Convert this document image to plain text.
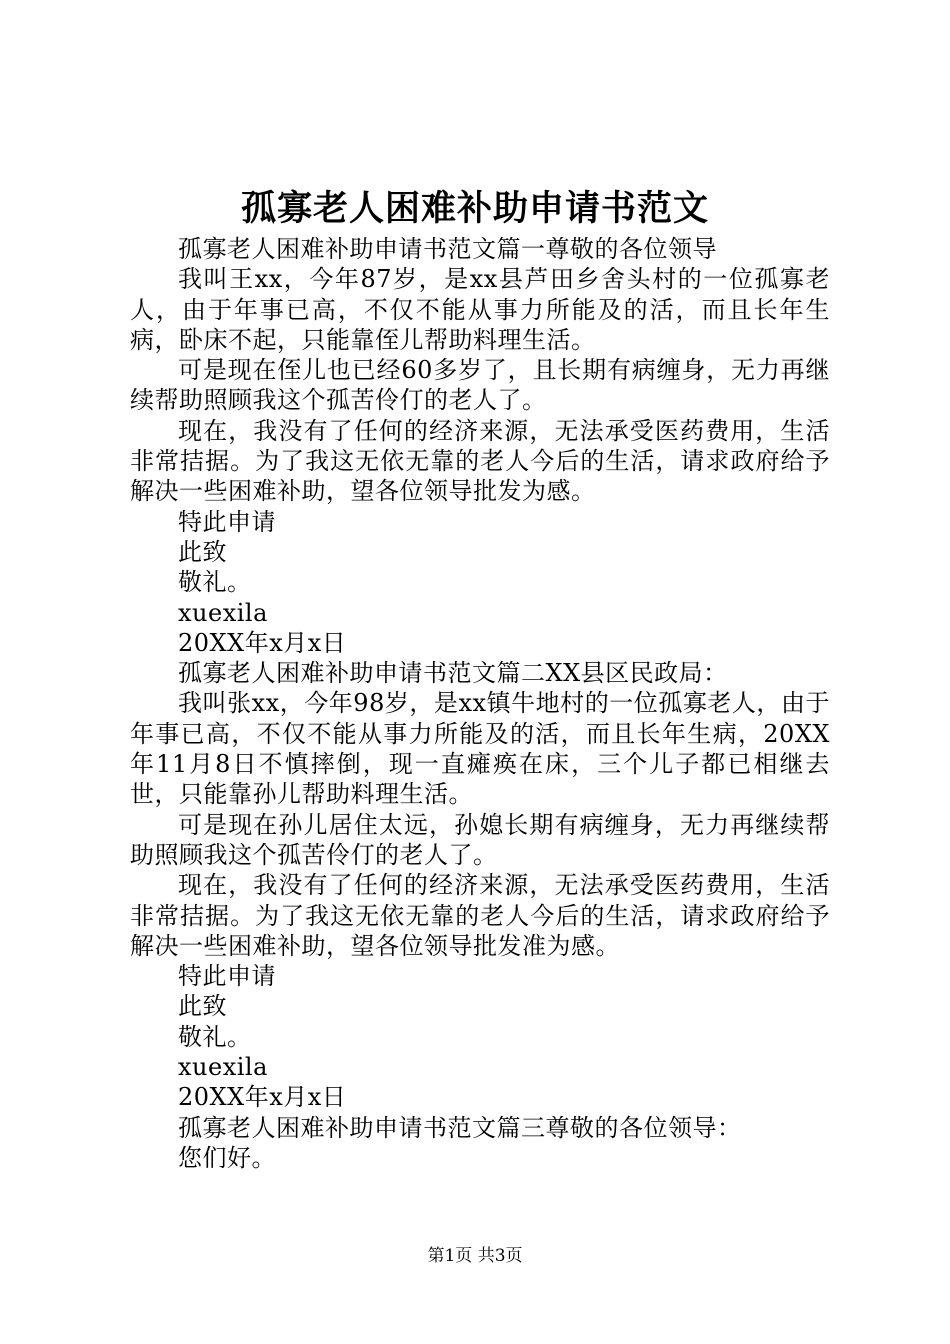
孤寡老人困难补助申请书范文

孤寡老人困难补助申请书范文篇一尊敬的各位领导

我叫王xx，今年87岁，是xx县芦田乡舍头村的一位孤寡老人，由于年事已高，不仅不能从事力所能及的活，而且长年生病，卧床不起，只能靠侄儿帮助料理生活。

可是现在侄儿也已经60多岁了，且长期有病缠身，无力再继续帮助照顾我这个孤苦伶仃的老人了。

现在，我没有了任何的经济来源，无法承受医药费用，生活非常拮据。为了我这无依无靠的老人今后的生活，请求政府给予解决一些困难补助，望各位领导批发为感。

特此申请

此致

敬礼。

xuexila

20XX年x月x日

孤寡老人困难补助申请书范文篇二XX县区民政局：

我叫张xx，今年98岁，是xx镇牛地村的一位孤寡老人，由于年事已高，不仅不能从事力所能及的活，而且长年生病，20XX年11月8日不慎摔倒，现一直瘫痪在床，三个儿子都已相继去世，只能靠孙儿帮助料理生活。

可是现在孙儿居住太远，孙媳长期有病缠身，无力再继续帮助照顾我这个孤苦伶仃的老人了。

现在，我没有了任何的经济来源，无法承受医药费用，生活非常拮据。为了我这无依无靠的老人今后的生活，请求政府给予解决一些困难补助，望各位领导批发准为感。

特此申请

此致

敬礼。

xuexila

20XX年x月x日

孤寡老人困难补助申请书范文篇三尊敬的各位领导：

您们好。

第1页 共3页
